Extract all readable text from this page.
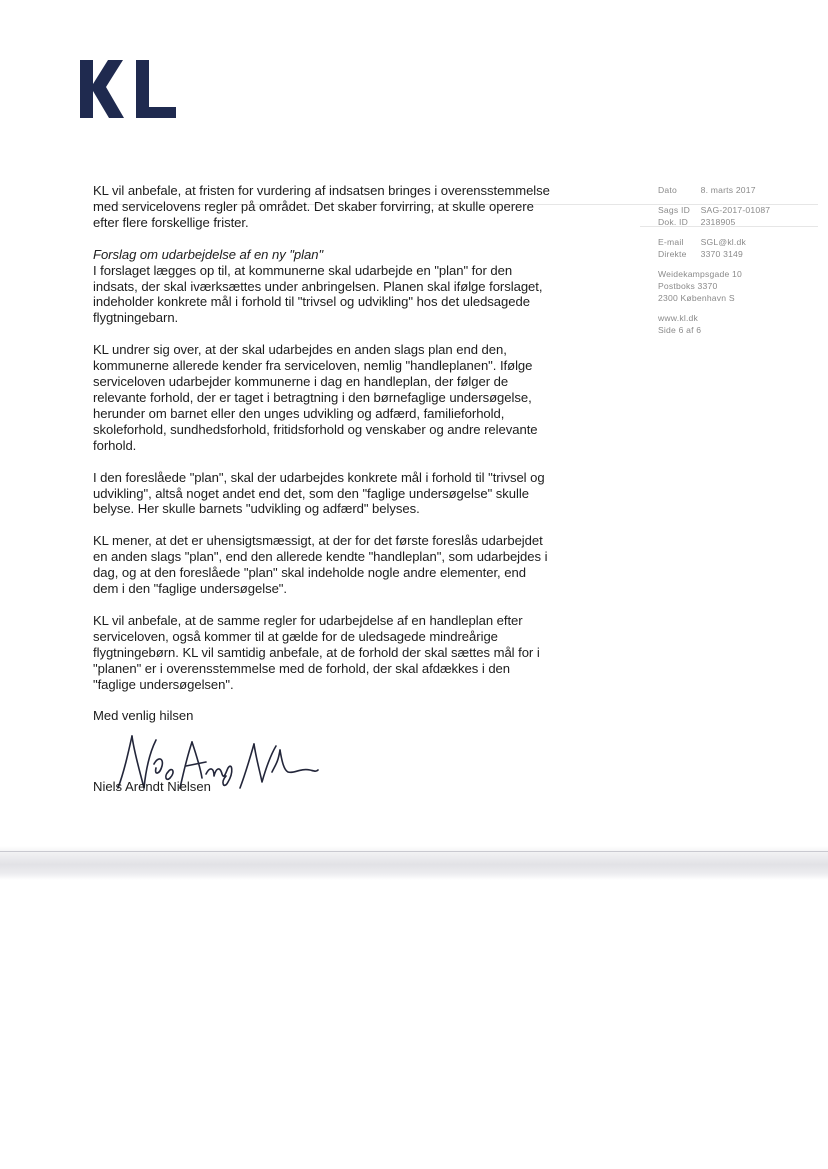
KL vil anbefale, at fristen for vurdering af indsatsen bringes i overensstemmelse med servicelovens regler på området. Det skaber forvirring, at skulle operere efter flere forskellige frister.

Forslag om udarbejdelse af en ny "plan"

I forslaget lægges op til, at kommunerne skal udarbejde en "plan" for den indsats, der skal iværksættes under anbringelsen. Planen skal ifølge forslaget, indeholder konkrete mål i forhold til "trivsel og udvikling" hos det uledsagede flygtningebarn.

KL undrer sig over, at der skal udarbejdes en anden slags plan end den, kommunerne allerede kender fra serviceloven, nemlig "handleplanen". Ifølge serviceloven udarbejder kommunerne i dag en handleplan, der følger de relevante forhold, der er taget i betragtning i den børnefaglige undersøgelse, herunder om barnet eller den unges udvikling og adfærd, familieforhold, skoleforhold, sundhedsforhold, fritidsforhold og venskaber og andre relevante forhold.

I den foreslåede "plan", skal der udarbejdes konkrete mål i forhold til "trivsel og udvikling", altså noget andet end det, som den "faglige undersøgelse" skulle belyse. Her skulle barnets "udvikling og adfærd" belyses.

KL mener, at det er uhensigtsmæssigt, at der for det første foreslås udarbejdet en anden slags "plan", end den allerede kendte "handleplan", som udarbejdes i dag, og at den foreslåede "plan" skal indeholde nogle andre elementer, end dem i den "faglige undersøgelse".

KL vil anbefale, at de samme regler for udarbejdelse af en handleplan efter serviceloven, også kommer til at gælde for de uledsagede mindreårige flygtningebørn. KL vil samtidig anbefale, at de forhold der skal sættes mål for i "planen" er i overensstemmelse med de forhold, der skal afdækkes i den "faglige undersøgelsen".

Med venlig hilsen

Niels Arendt Nielsen
Dato	8. marts 2017
Sags ID SAG-2017-01087
Dok. ID 2318905
E-mail SGL@kl.dk
Direkte 3370 3149
Weidekampsgade 10
Postboks 3370
2300 København S
www.kl.dk
Side 6 af 6
